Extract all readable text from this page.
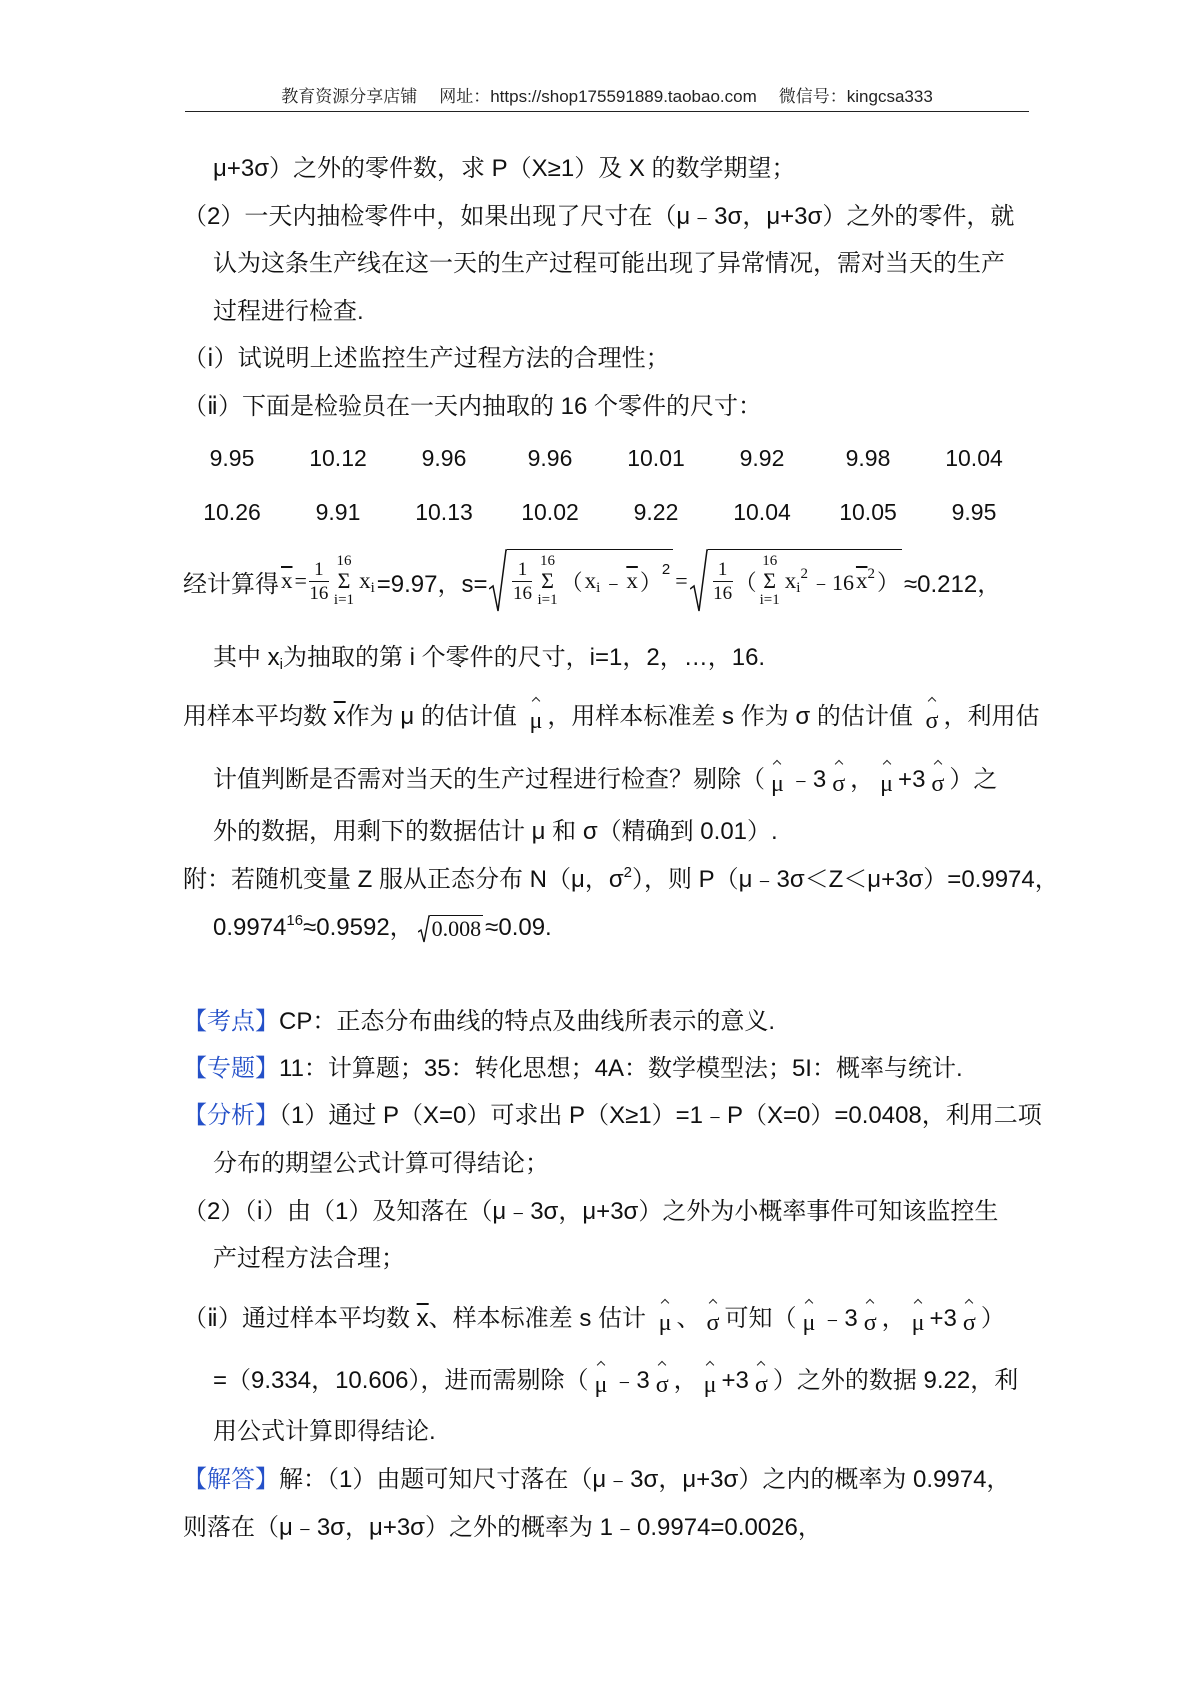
教育资源分享店铺 网址：https://shop175591889.taobao.com 微信号：kingcsa333
μ+3σ）之外的零件数，求 P（X≥1）及 X 的数学期望；
（2）一天内抽检零件中，如果出现了尺寸在（μ﹣3σ，μ+3σ）之外的零件，就
认为这条生产线在这一天的生产过程可能出现了异常情况，需对当天的生产
过程进行检查.
（ⅰ）试说明上述监控生产过程方法的合理性；
（ⅱ）下面是检验员在一天内抽取的 16 个零件的尺寸：
9.95	10.12	9.96	9.96	10.01	9.92	9.98	10.04
10.26	9.91	10.13	10.02	9.22	10.04	10.05	9.95
经计算得 $\overline{x} = \frac{1}{16} 16$
Σ
i=1
$x_i =9.97$，$s= \frac{1}{16} 16$
Σ
i=1
（ $x_i$ ﹣ $\overline{x}$ ）
$^2 = \frac{1}{16}$ （
16
Σ
i=1
$x_i^2$ ﹣16 $\overline{x}^2$ ） ≈0.212，
其中 $x_i$为抽取的第 i 个零件的尺寸，i=1，2，…，16.
用样本平均数 $\overline{x}$作为 μ 的估计值 μ ，用样本标准差 s 作为 σ 的估计值 σ ，利用估
计值判断是否需对当天的生产过程进行检查？剔除（ μ ﹣3 σ ， μ +3 σ ）之
外的数据，用剩下的数据估计 μ 和 σ（精确到 0.01）.
附：若随机变量 Z 服从正态分布 N（μ，$\sigma^2$），则 P（μ﹣3σ＜Z＜μ+3σ）=0.9974，
$0.9974^{16}\approx 0.9592$， 0.008 ≈0.09.
【考点】CP：正态分布曲线的特点及曲线所表示的意义.
【专题】11：计算题；35：转化思想；4A：数学模型法；5I：概率与统计.
【分析】（1）通过 P（X=0）可求出 P（X≥1）=1﹣P（X=0）=0.0408，利用二项
分布的期望公式计算可得结论；
（2）（ⅰ）由（1）及知落在（μ﹣3σ，μ+3σ）之外为小概率事件可知该监控生
产过程方法合理；
（ⅱ）通过样本平均数 $\overline{x}$、样本标准差 s 估计 μ 、 σ 可知（ μ ﹣3 σ ， μ +3 σ ）
=（9.334，10.606），进而需剔除（ μ ﹣3 σ ， μ +3 σ ）之外的数据 9.22，利
用公式计算即得结论.
【解答】解：（1）由题可知尺寸落在（μ﹣3σ，μ+3σ）之内的概率为 0.9974，
则落在（μ﹣3σ，μ+3σ）之外的概率为 1﹣0.9974=0.0026，
